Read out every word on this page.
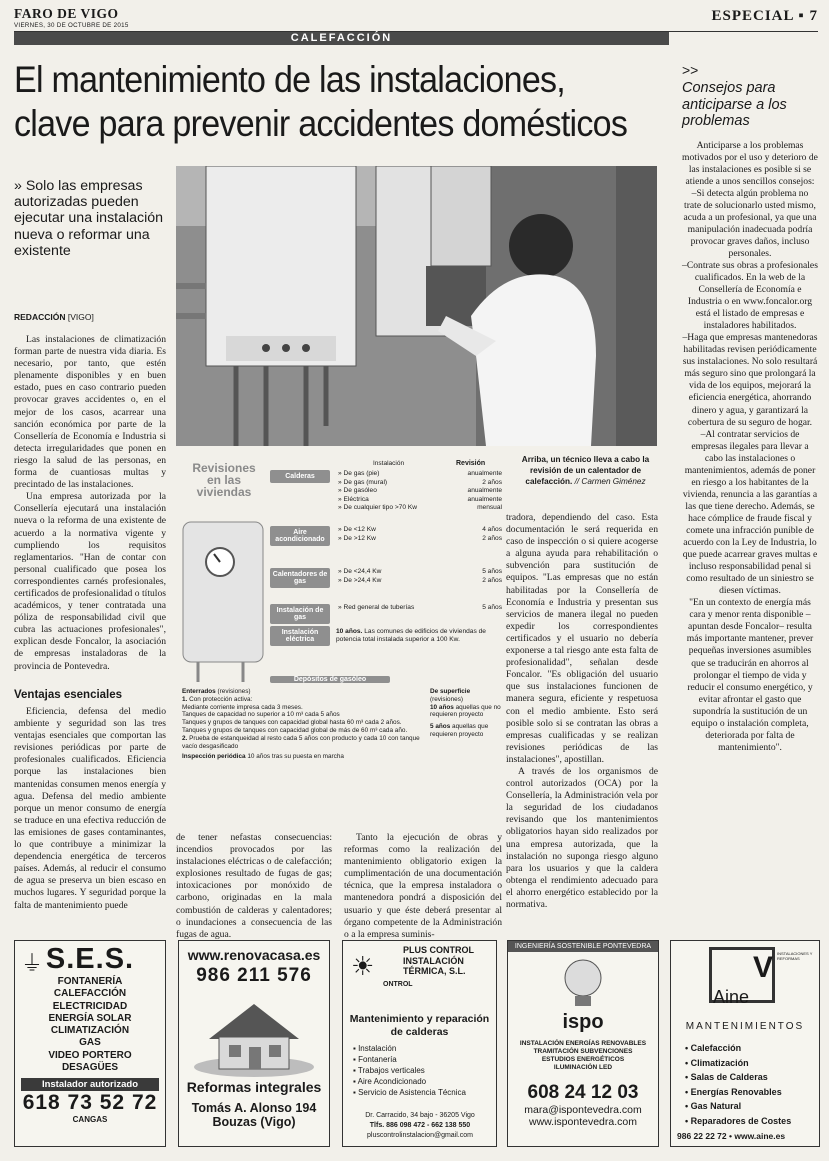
FARO DE VIGO
VIERNES, 30 DE OCTUBRE DE 2015
ESPECIAL ▪ 7
CALEFACCIÓN
El mantenimiento de las instalaciones,
clave para prevenir accidentes domésticos
» Solo las empresas autorizadas pueden ejecutar una instalación nueva o reformar una existente
REDACCIÓN [VIGO]

Las instalaciones de climatización forman parte de nuestra vida diaria. Es necesario, por tanto, que estén plenamente disponibles y en buen estado, pues en caso contrario pueden provocar graves accidentes o, en el mejor de los casos, acarrear una sanción económica por parte de la Consellería de Economía e Industria si detecta irregularidades que ponen en riesgo la salud de las personas, en forma de cuantiosas multas y precintado de las instalaciones.

Una empresa autorizada por la Consellería ejecutará una instalación nueva o la reforma de una existente de acuerdo a la normativa vigente y cumpliendo los requisitos reglamentarios. "Han de contar con personal cualificado que posea los correspondientes carnés profesionales, certificados de profesionalidad o títulos académicos, y tener contratada una póliza de responsabilidad civil que cubra las actuaciones profesionales", explican desde Foncalor, la asociación de empresas instaladoras de la provincia de Pontevedra.

Ventajas esenciales

Eficiencia, defensa del medio ambiente y seguridad son las tres ventajas esenciales que comportan las revisiones periódicas por parte de profesionales cualificados. Eficiencia porque las instalaciones bien mantenidas consumen menos energía y agua. Defensa del medio ambiente porque un menor consumo de energía se traduce en una efectiva reducción de las emisiones de gases contaminantes, lo que contribuye a minimizar la dependencia energética de terceros países. Además, al reducir el consumo de agua se preserva un bien escaso en muchos lugares. Y seguridad porque la falta de mantenimiento puede

Arriba, un técnico lleva a cabo la revisión de un calentador de calefacción. // Carmen Giménez
Revisiones en las viviendas
Instalación	Revisión
Calderas	» De gas (pie)	anualmente
» De gas (mural)	2 años
» De gasóleo	anualmente
» Eléctrica	anualmente
» De cualquier tipo >70 Kw	mensual
Aire acondicionado
» De <12 Kw	4 años
» De >12 Kw	2 años
Calentadores de gas
» De <24,4 Kw	5 años
» De >24,4 Kw	2 años
Instalación de gas
» Red general de tuberías	5 años
Instalación eléctrica
10 años. Las comunes de edificios de viviendas de potencia total instalada superior a 100 Kw.
Depósitos de gasóleo
Enterrados (revisiones)
1. Con protección activa:
Mediante corriente impresa cada 3 meses.
Tanques de capacidad no superior a 10 m³ cada 5 años
Tanques y grupos de tanques con capacidad global hasta 60 m³ cada 2 años.
Tanques y grupos de tanques con capacidad global de más de 60 m³ cada año.
2. Prueba de estanqueidad al resto cada 5 años con producto y cada 10 con tanque vacío desgasificado
Inspección periódica 10 años tras su puesta en marcha
De superficie
(revisiones)
10 años aquellas que no requieren proyecto
5 años aquellas que requieren proyecto

de tener nefastas consecuencias: incendios provocados por las instalaciones eléctricas o de calefacción; explosiones resultado de fugas de gas; intoxicaciones por monóxido de carbono, originadas en la mala combustión de calderas y calentadores; o inundaciones a consecuencia de las fugas de agua.

Tanto la ejecución de obras y reformas como la realización del mantenimiento obligatorio exigen la cumplimentación de una documentación técnica, que la empresa instaladora o mantenedora pondrá a disposición del usuario y que éste deberá presentar al órgano competente de la Administración o a la empresa suminis-

tradora, dependiendo del caso. Esta documentación le será requerida en caso de inspección o si quiere acogerse a alguna ayuda para rehabilitación o subvención para sustitución de equipos. "Las empresas que no están habilitadas por la Consellería de Economía e Industria y presentan sus servicios de manera ilegal no pueden expedir los correspondientes certificados y el usuario no debería exponerse a tal riesgo ante esta falta de profesionalidad", señalan desde Foncalor. "Es obligación del usuario que sus instalaciones funcionen de manera segura, eficiente y respetuosa con el medio ambiente. Esto será posible solo si se contratan las obras a empresas cualificadas y se realizan revisiones periódicas de las instalaciones", apostillan.

A través de los organismos de control autorizados (OCA) por la Consellería, la Administración vela por la seguridad de los ciudadanos revisando que los mantenimientos obligatorios hayan sido realizados por una empresa autorizada, que la instalación no suponga riesgo alguno para los usuarios y que la caldera obtenga el rendimiento adecuado para el ahorro energético establecido por la normativa.

>>
Consejos para anticiparse a los problemas

Anticiparse a los problemas motivados por el uso y deterioro de las instalaciones es posible si se atiende a unos sencillos consejos:

–Si detecta algún problema no trate de solucionarlo usted mismo, acuda a un profesional, ya que una manipulación inadecuada podría provocar graves daños, incluso personales.

–Contrate sus obras a profesionales cualificados. En la web de la Consellería de Economía e Industria o en www.foncalor.org está el listado de empresas e instaladores habilitados.

–Haga que empresas mantenedoras habilitadas revisen periódicamente sus instalaciones. No solo resultará más seguro sino que prolongará la vida de los equipos, mejorará la eficiencia energética, ahorrando dinero y agua, y garantizará la cobertura de su seguro de hogar.

–Al contratar servicios de empresas ilegales para llevar a cabo las instalaciones o mantenimientos, además de poner en riesgo a los habitantes de la vivienda, renuncia a las garantías a las que tiene derecho. Además, se hace cómplice de fraude fiscal y comete una infracción punible de acuerdo con la Ley de Industria, lo que puede acarrear graves multas e incluso responsabilidad penal si como resultado de un siniestro se diesen víctimas.

"En un contexto de energía más cara y menor renta disponible –apuntan desde Foncalor– resulta más importante mantener, prever pequeñas inversiones asumibles que se traducirán en ahorros al prolongar el tiempo de vida y reducir el consumo energético, y evitar afrontar el gasto que supondría la sustitución de un equipo o instalación completa, deteriorada por falta de mantenimiento".

⏚ S.E.S.
FONTANERÍA
CALEFACCIÓN
ELECTRICIDAD
ENERGÍA SOLAR
CLIMATIZACIÓN
GAS
VIDEO PORTERO
DESAGÜES
Instalador autorizado
618 73 52 72
CANGAS
www.renovacasa.es
986 211 576
Reformas integrales
Tomás A. Alonso 194
Bouzas (Vigo)
☀
ONTROL
PLUS CONTROL
INSTALACIÓN
TÉRMICA, S.L.
Mantenimiento y reparación de calderas
▪ Instalación
▪ Fontanería
▪ Trabajos verticales
▪ Aire Acondicionado
▪ Servicio de Asistencia Técnica
Dr. Carracido, 34 bajo - 36205 Vigo
Tlfs. 886 098 472 - 662 138 550
pluscontrolinstalacion@gmail.com
INGENIERÍA SOSTENIBLE PONTEVEDRA
ispo
INSTALACIÓN ENERGÍAS RENOVABLES
TRAMITACIÓN SUBVENCIONES
ESTUDIOS ENERGÉTICOS
ILUMINACIÓN LED
608 24 12 03
mara@ispontevedra.com
www.ispontevedra.com
V
Aine
INSTALACIONES Y REFORMAS
MANTENIMIENTOS
• Calefacción
• Climatización
• Salas de Calderas
• Energías Renovables
• Gas Natural
• Reparadores de Costes
986 22 22 72 • www.aine.es
